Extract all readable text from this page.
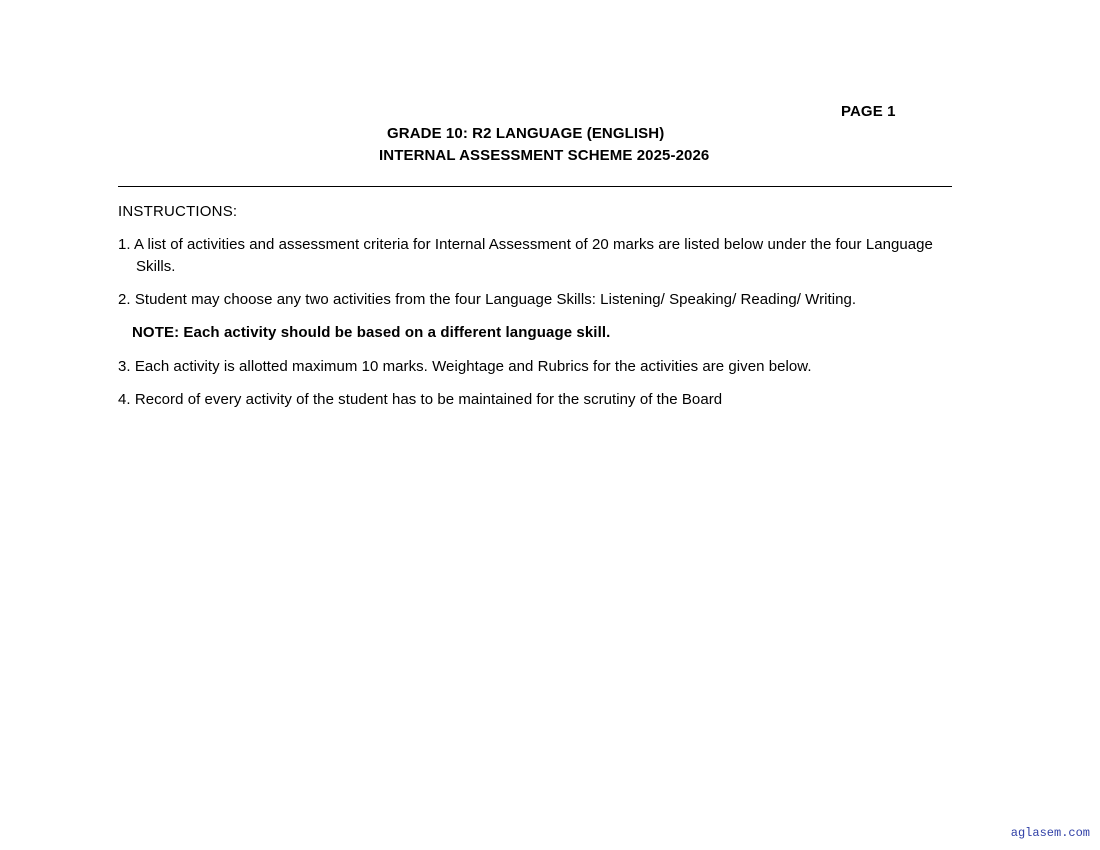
PAGE 1
GRADE 10: R2 LANGUAGE (ENGLISH)
INTERNAL ASSESSMENT SCHEME 2025-2026
INSTRUCTIONS:
1. A list of activities and assessment criteria for Internal Assessment of 20 marks are listed below under the four Language Skills.
2. Student may choose any two activities from the four Language Skills: Listening/ Speaking/ Reading/ Writing.
NOTE: Each activity should be based on a different language skill.
3. Each activity is allotted maximum 10 marks. Weightage and Rubrics for the activities are given below.
4. Record of every activity of the student has to be maintained for the scrutiny of the Board
aglasem.com
